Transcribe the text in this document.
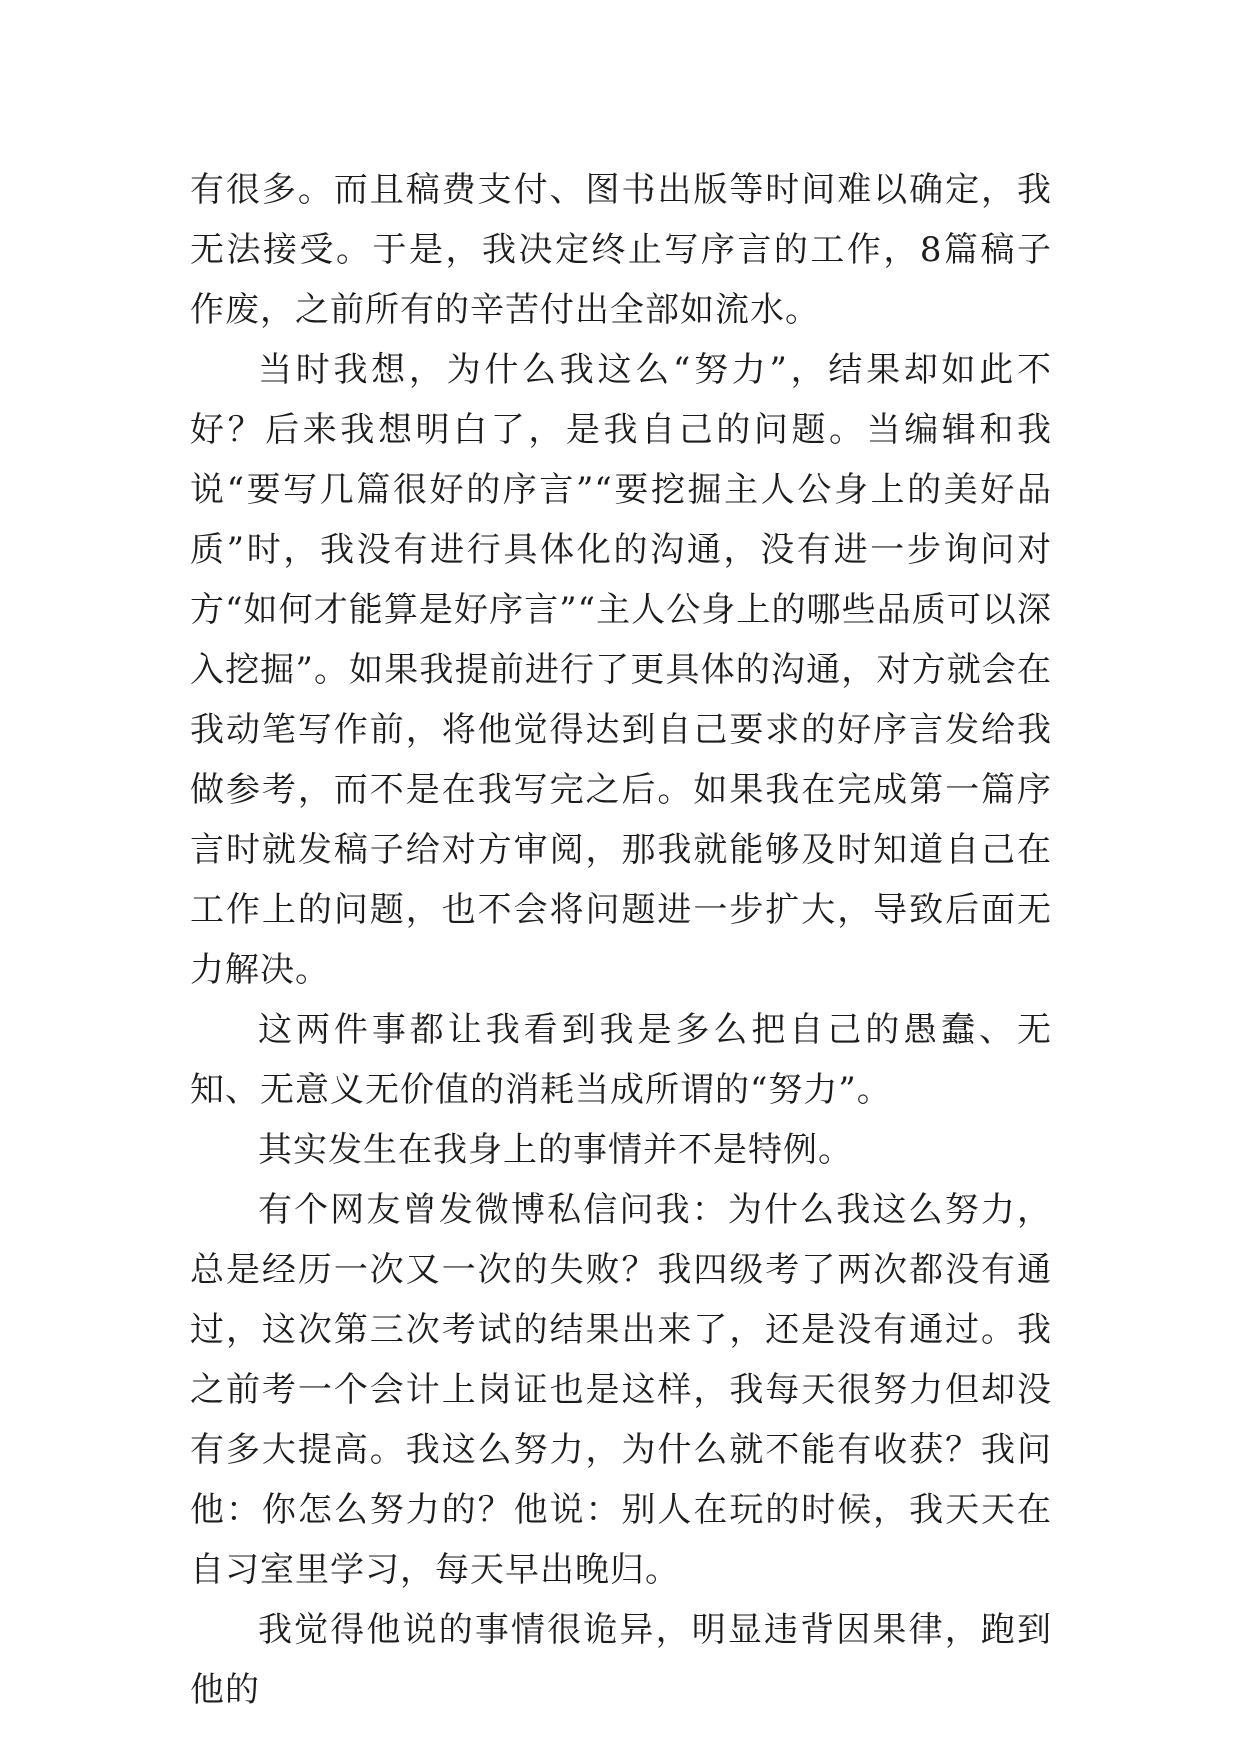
有很多。而且稿费支付、图书出版等时间难以确定，我无法接受。于是，我决定终止写序言的工作，8篇稿子作废，之前所有的辛苦付出全部如流水。

当时我想，为什么我这么“努力”，结果却如此不好？后来我想明白了，是我自己的问题。当编辑和我说“要写几篇很好的序言”“要挖掘主人公身上的美好品质”时，我没有进行具体化的沟通，没有进一步询问对方“如何才能算是好序言”“主人公身上的哪些品质可以深入挖掘”。如果我提前进行了更具体的沟通，对方就会在我动笔写作前，将他觉得达到自己要求的好序言发给我做参考，而不是在我写完之后。如果我在完成第一篇序言时就发稿子给对方审阅，那我就能够及时知道自己在工作上的问题，也不会将问题进一步扩大，导致后面无力解决。

这两件事都让我看到我是多么把自己的愚蠢、无知、无意义无价值的消耗当成所谓的“努力”。

其实发生在我身上的事情并不是特例。

有个网友曾发微博私信问我：为什么我这么努力，总是经历一次又一次的失败？我四级考了两次都没有通过，这次第三次考试的结果出来了，还是没有通过。我之前考一个会计上岗证也是这样，我每天很努力但却没有多大提高。我这么努力，为什么就不能有收获？我问他：你怎么努力的？他说：别人在玩的时候，我天天在自习室里学习，每天早出晚归。

我觉得他说的事情很诡异，明显违背因果律，跑到他的
